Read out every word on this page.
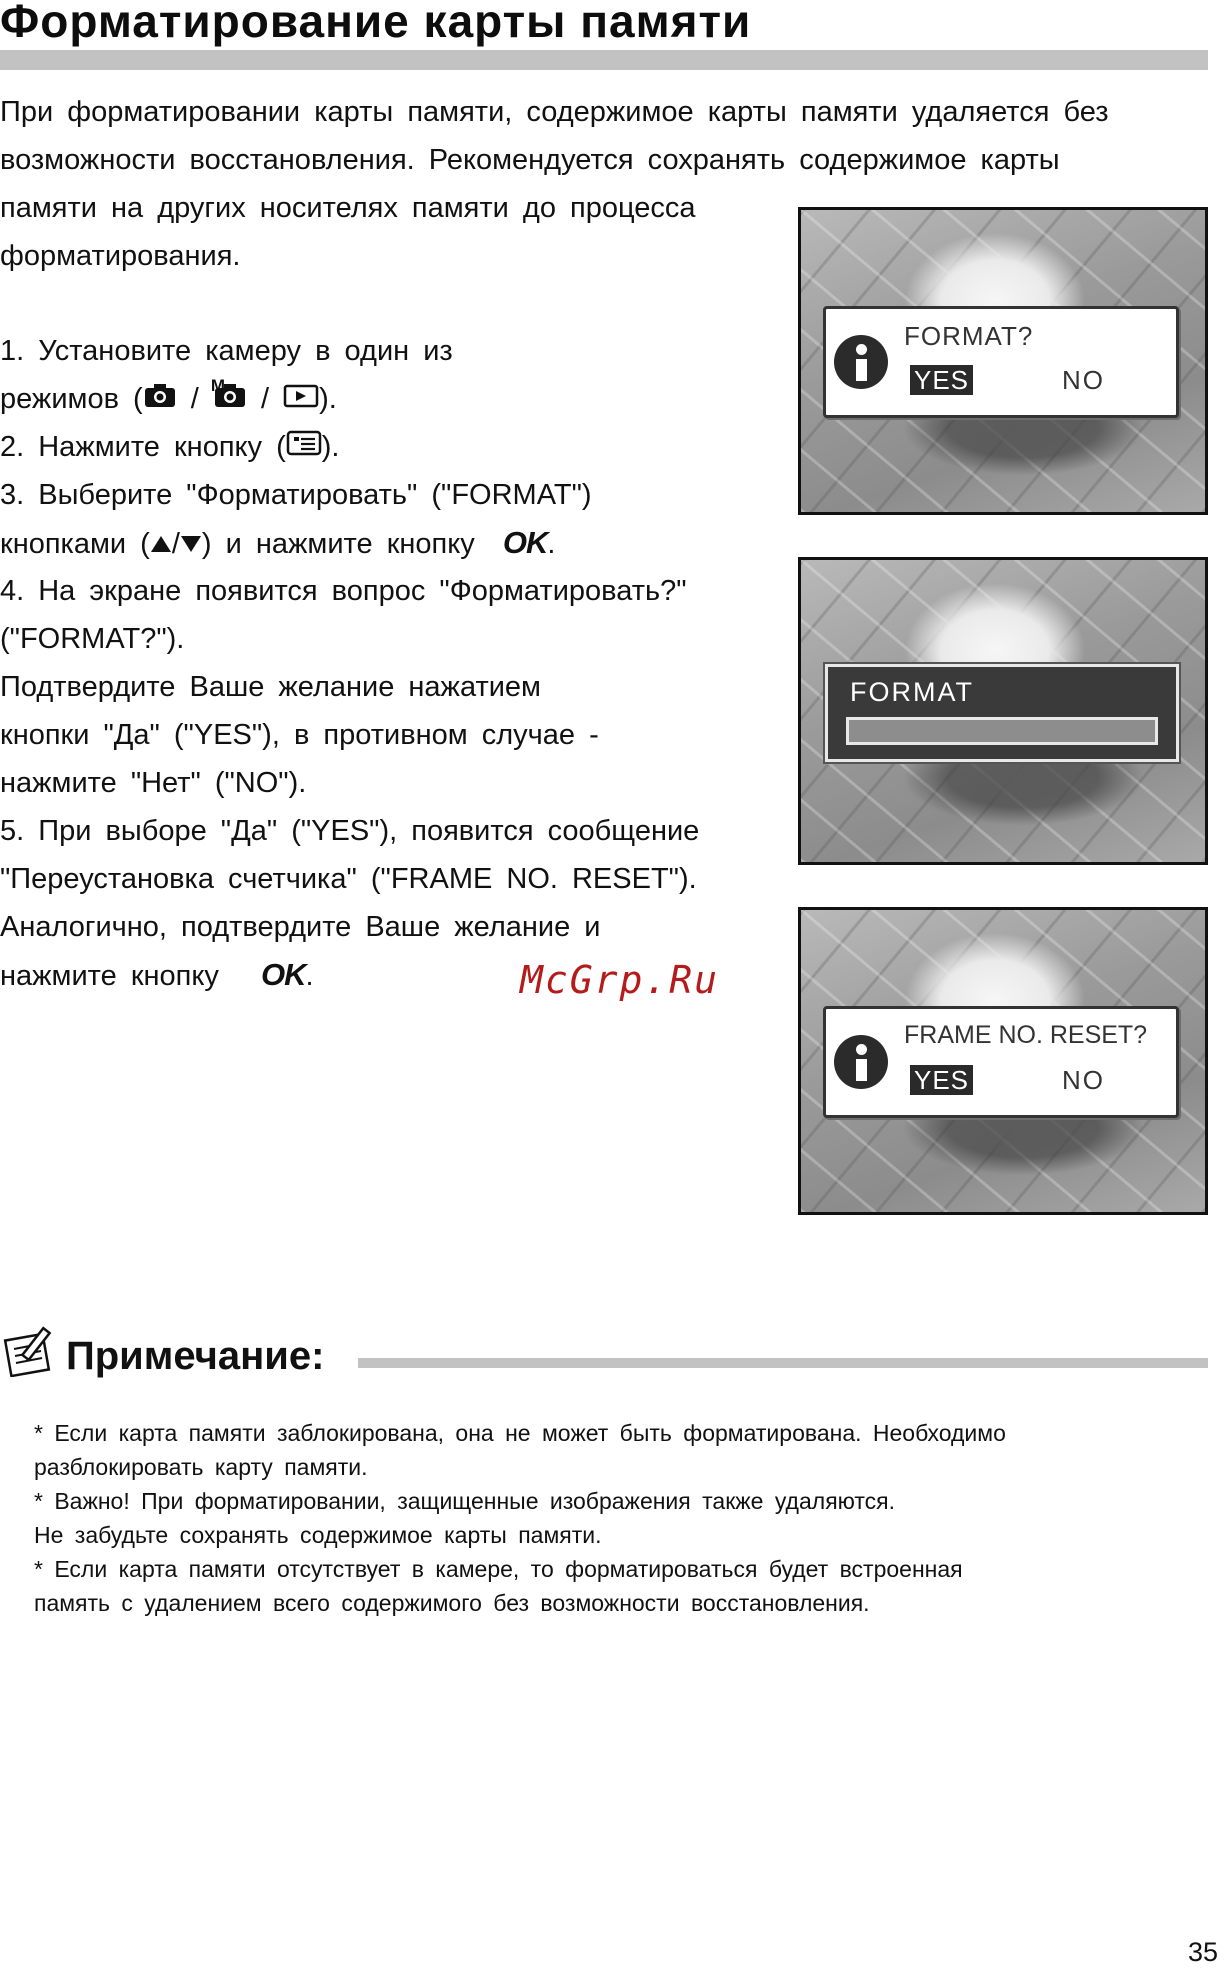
Форматирование карты памяти
При форматировании карты памяти, содержимое карты памяти удаляется без
возможности восстановления. Рекомендуется сохранять содержимое карты
памяти на других носителях памяти до процесса
форматирования.
1. Установите камеру в один из
режимов ( /
M / ).
2. Нажмите кнопку ( ).
3. Выберите "Форматировать" ("FORMAT")
кнопками ( / ) и нажмите кнопку OK.
4. На экране появится вопрос "Форматировать?"
("FORMAT?").
Подтвердите Ваше желание нажатием
кнопки "Да" ("YES"), в противном случае -
нажмите "Нет" ("NO").
5. При выборе "Да" ("YES"), появится сообщение
"Переустановка счетчика" ("FRAME NO. RESET").
Аналогично, подтвердите Ваше желание и
нажмите кнопку OK.	McGrp.Ru
FORMAT?
YES	NO
FORMAT
FRAME NO. RESET?
YES	NO
Примечание:
* Если карта памяти заблокирована, она не может быть форматирована. Необходимо
разблокировать карту памяти.
* Важно! При форматировании, защищенные изображения также удаляются.
Не забудьте сохранять содержимое карты памяти.
* Если карта памяти отсутствует в камере, то форматироваться будет встроенная
память с удалением всего содержимого без возможности восстановления.
35
